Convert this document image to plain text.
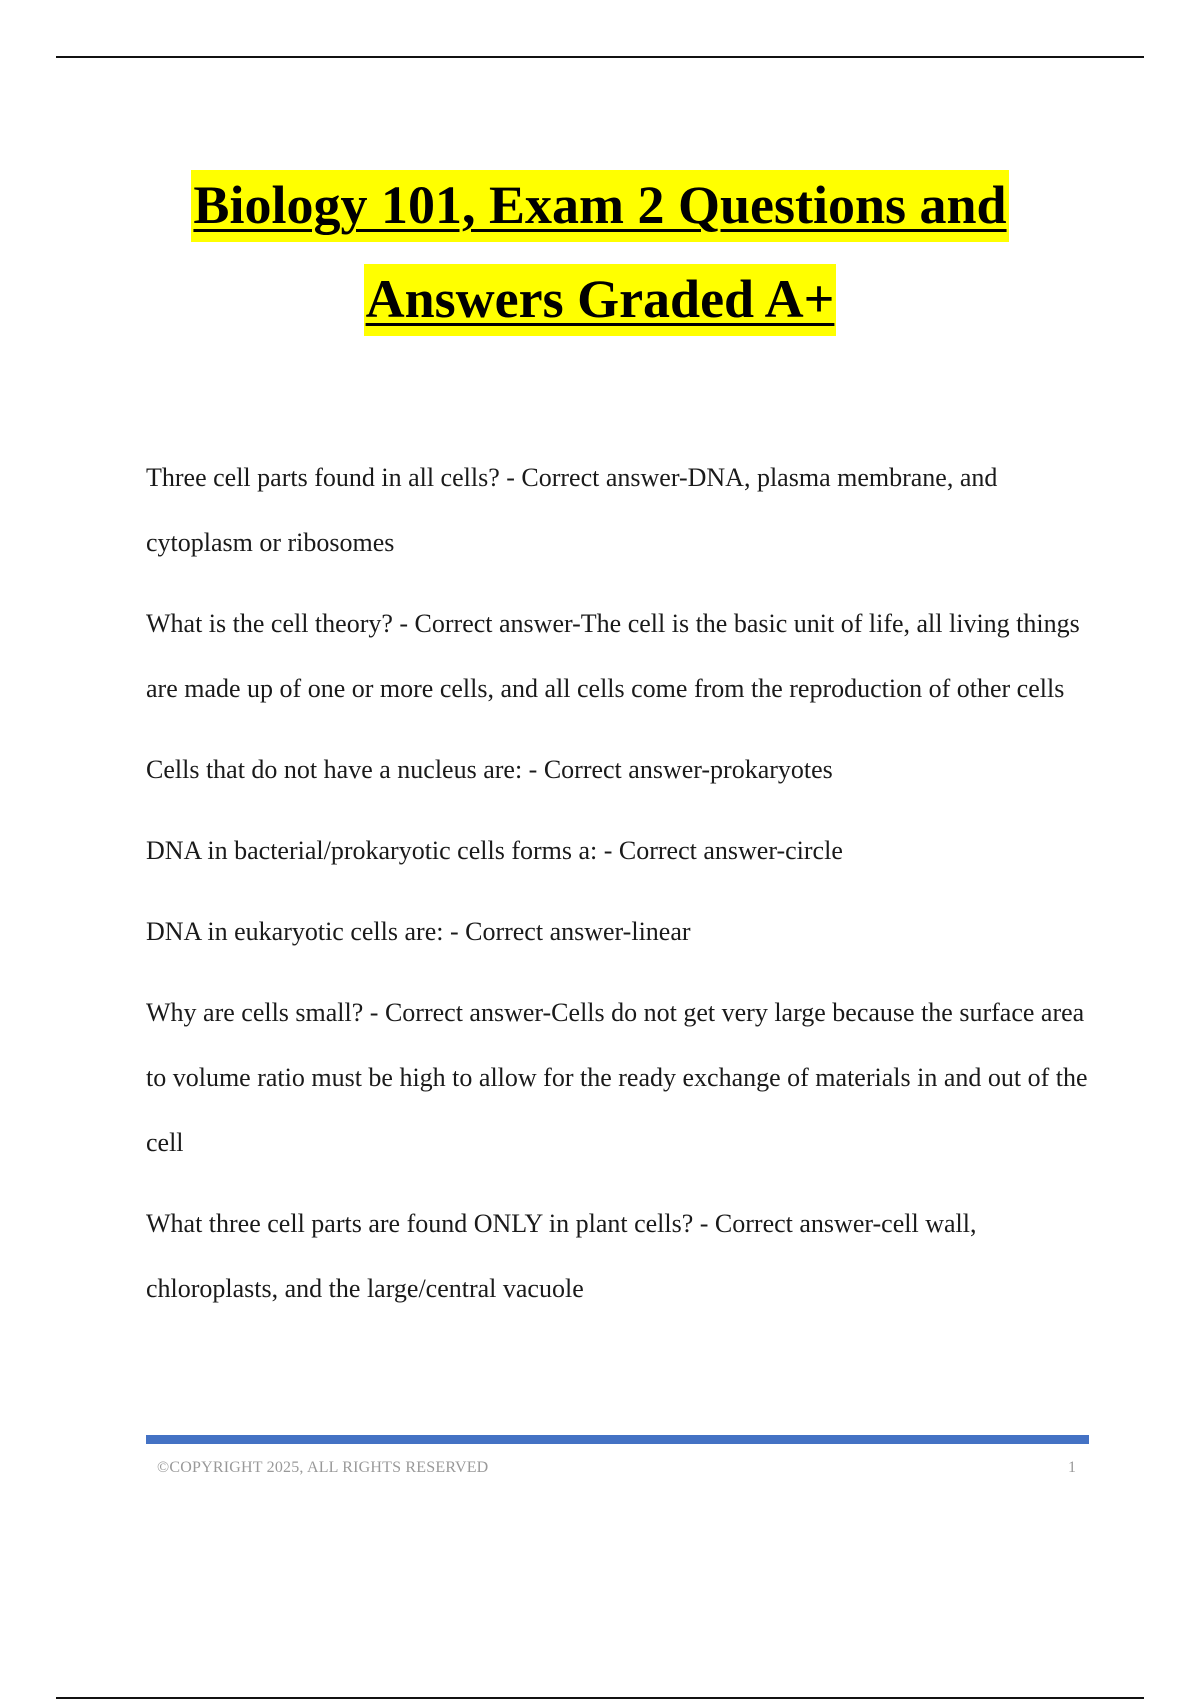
Biology 101, Exam 2 Questions and
Answers Graded A+

Three cell parts found in all cells? - Correct answer-DNA, plasma membrane, and cytoplasm or ribosomes

What is the cell theory? - Correct answer-The cell is the basic unit of life, all living things are made up of one or more cells, and all cells come from the reproduction of other cells

Cells that do not have a nucleus are: - Correct answer-prokaryotes

DNA in bacterial/prokaryotic cells forms a: - Correct answer-circle

DNA in eukaryotic cells are: - Correct answer-linear

Why are cells small? - Correct answer-Cells do not get very large because the surface area to volume ratio must be high to allow for the ready exchange of materials in and out of the cell

What three cell parts are found ONLY in plant cells? - Correct answer-cell wall, chloroplasts, and the large/central vacuole

©COPYRIGHT 2025, ALL RIGHTS RESERVED	1
